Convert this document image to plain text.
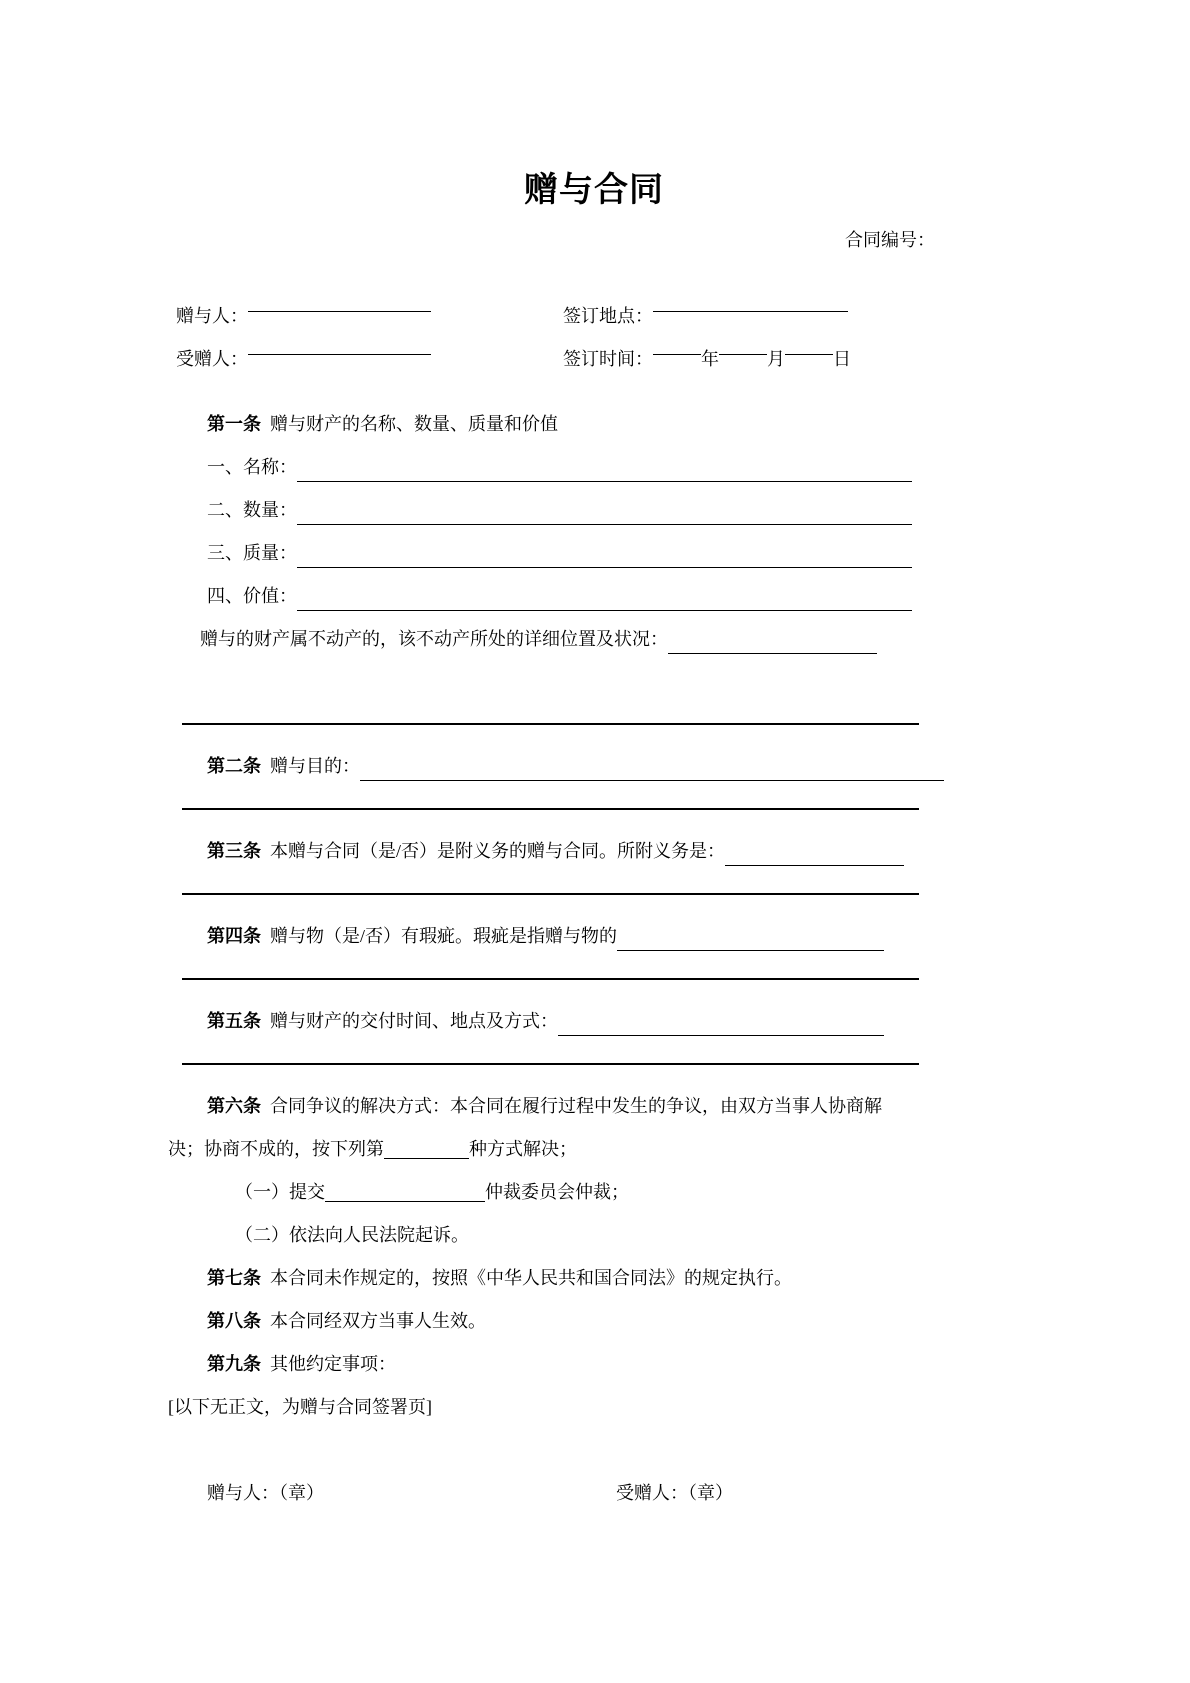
赠与合同
合同编号：
赠与人：	签订地点：
受赠人：	签订时间：	年	月	日
第一条 赠与财产的名称、数量、质量和价值
一、名称：
二、数量：
三、质量：
四、价值：
赠与的财产属不动产的，该不动产所处的详细位置及状况：
第二条 赠与目的：
第三条 本赠与合同（是/否）是附义务的赠与合同。所附义务是：
第四条 赠与物（是/否）有瑕疵。瑕疵是指赠与物的
第五条 赠与财产的交付时间、地点及方式：
第六条 合同争议的解决方式：本合同在履行过程中发生的争议，由双方当事人协商解
决；协商不成的，按下列第	种方式解决；
（一）提交	仲裁委员会仲裁；
（二）依法向人民法院起诉。
第七条 本合同未作规定的，按照《中华人民共和国合同法》的规定执行。
第八条 本合同经双方当事人生效。
第九条 其他约定事项：
[以下无正文，为赠与合同签署页]
赠与人：（章）	受赠人：（章）
